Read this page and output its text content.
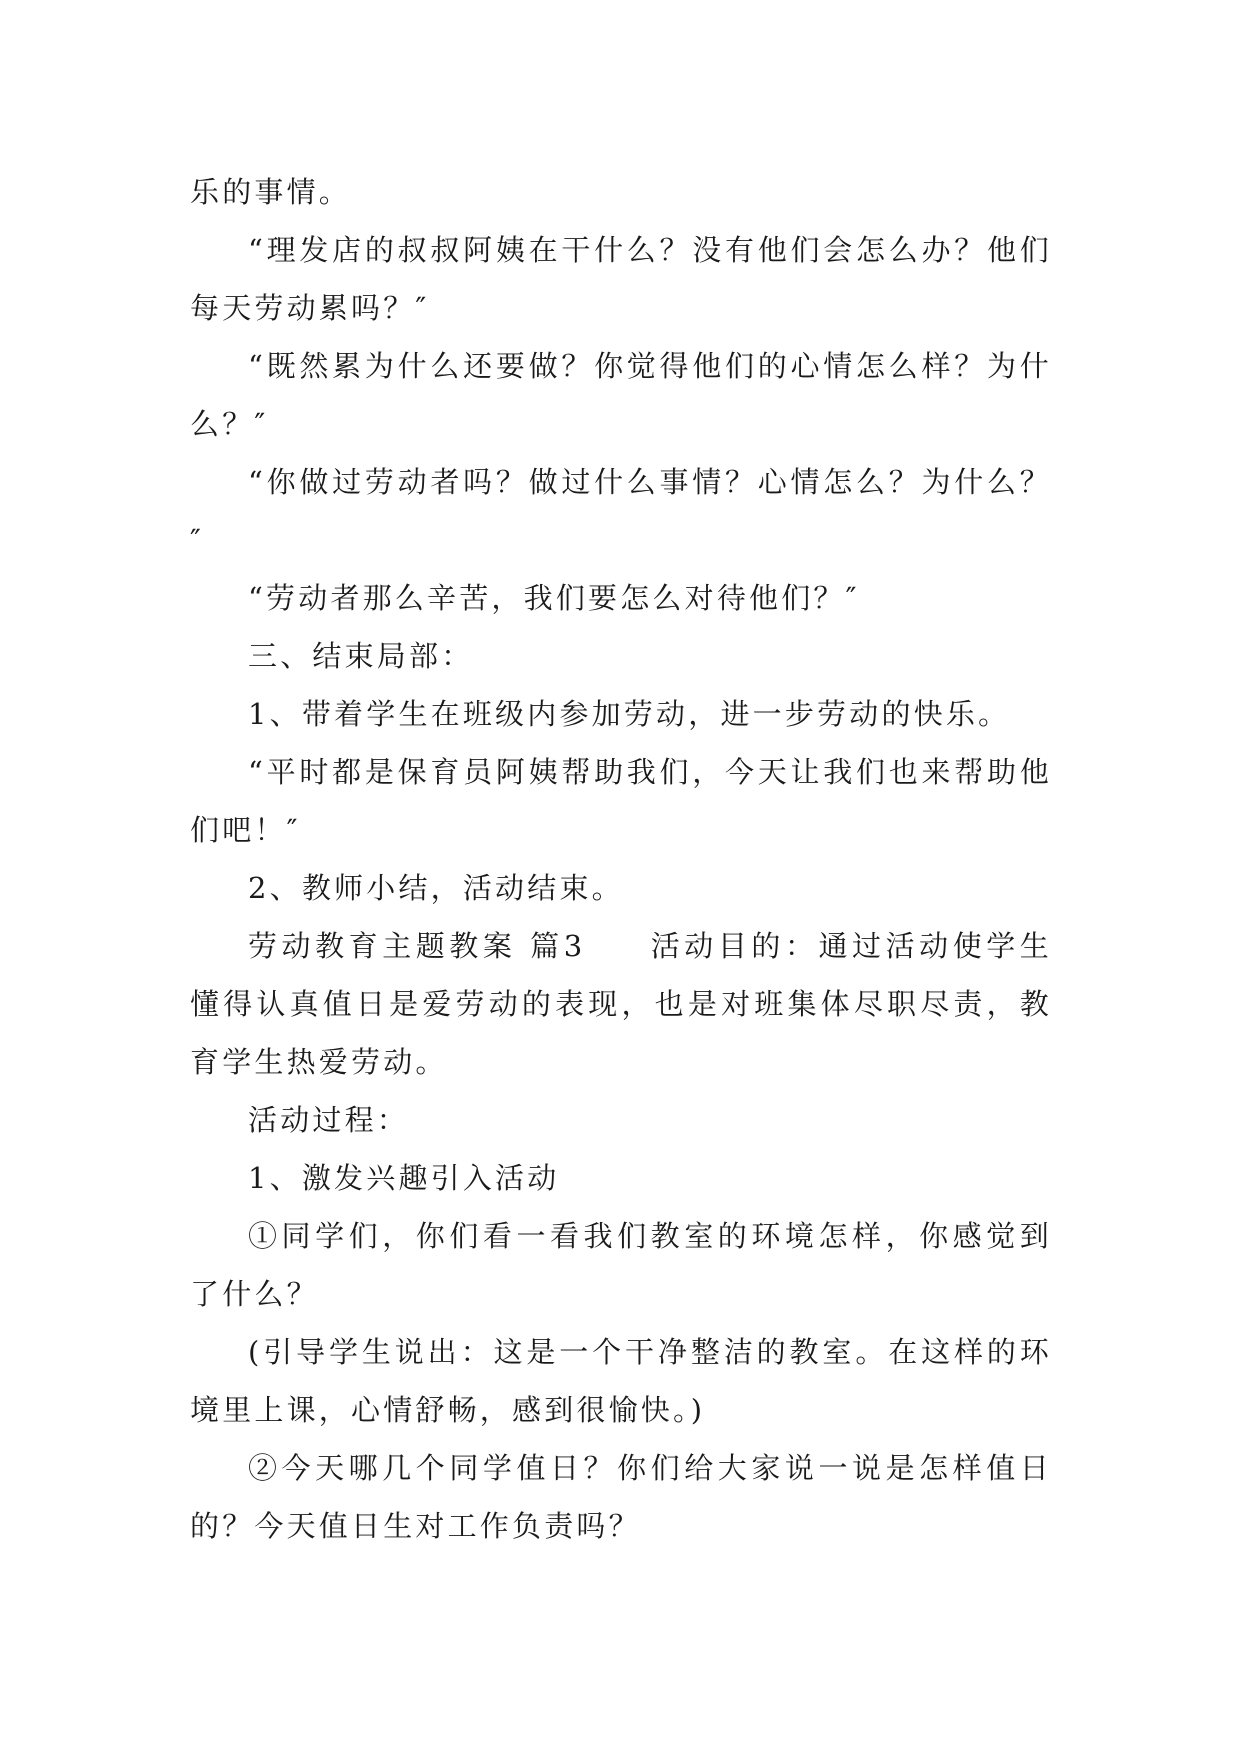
乐的事情。

“理发店的叔叔阿姨在干什么？没有他们会怎么办？他们每天劳动累吗？″

“既然累为什么还要做？你觉得他们的心情怎么样？为什么？″

“你做过劳动者吗？做过什么事情？心情怎么？为什么？″

“劳动者那么辛苦，我们要怎么对待他们？″

三、结束局部：

1、带着学生在班级内参加劳动，进一步劳动的快乐。

“平时都是保育员阿姨帮助我们，今天让我们也来帮助他们吧！″

2、教师小结，活动结束。

劳动教育主题教案 篇3 活动目的：通过活动使学生懂得认真值日是爱劳动的表现，也是对班集体尽职尽责，教育学生热爱劳动。

活动过程：

1、激发兴趣引入活动

①同学们，你们看一看我们教室的环境怎样，你感觉到了什么？

(引导学生说出：这是一个干净整洁的教室。在这样的环境里上课，心情舒畅，感到很愉快。)

②今天哪几个同学值日？你们给大家说一说是怎样值日的？今天值日生对工作负责吗？
